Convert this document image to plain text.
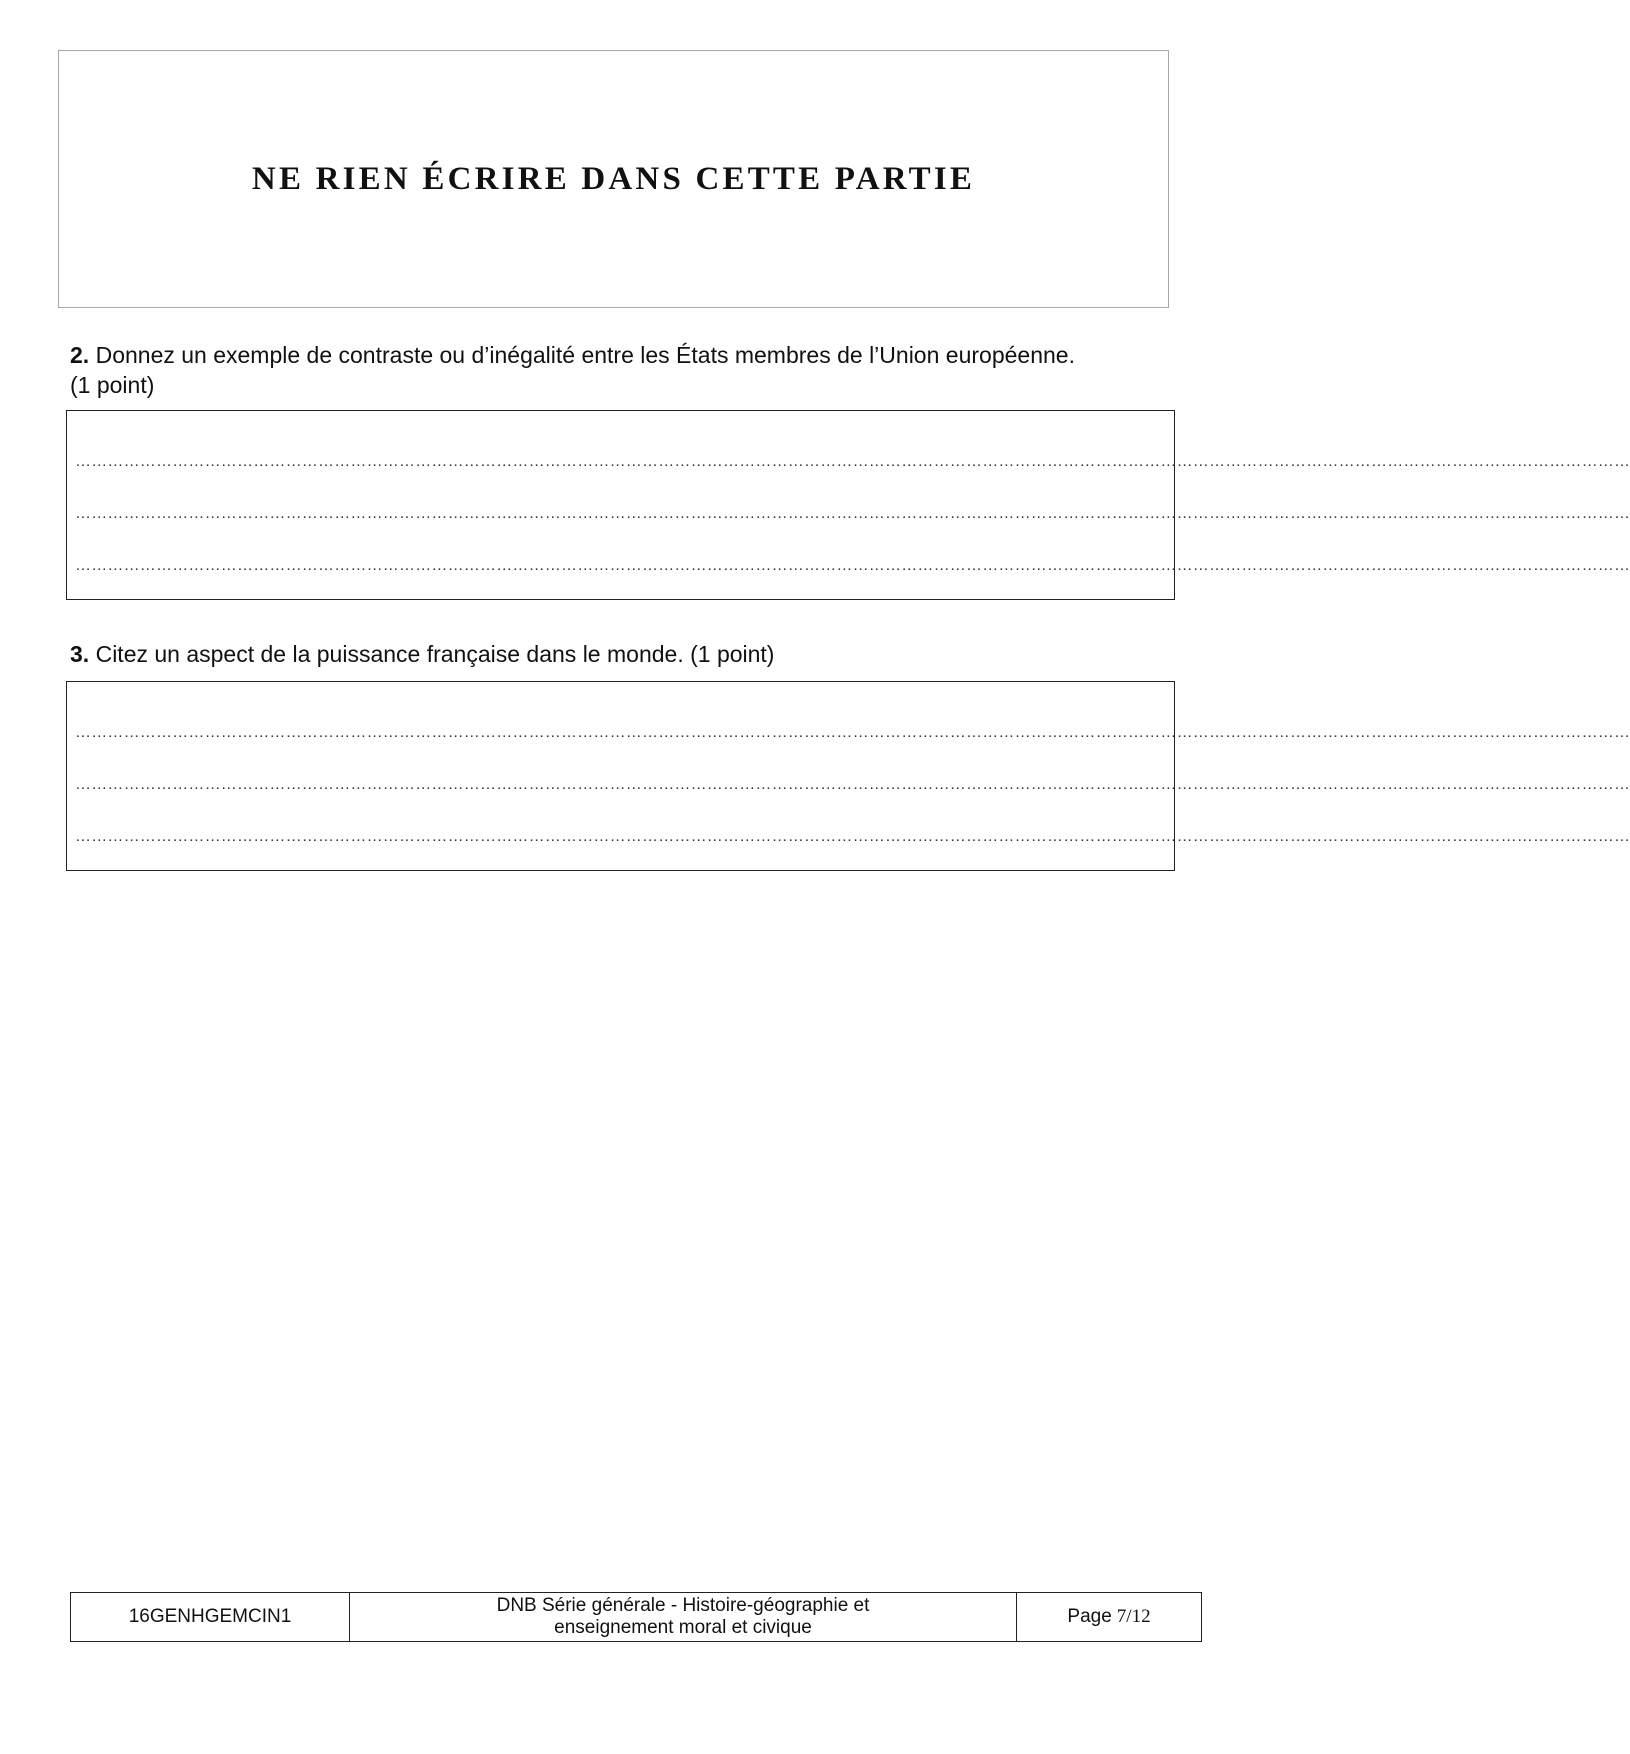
NE RIEN ÉCRIRE DANS CETTE PARTIE
2. Donnez un exemple de contraste ou d’inégalité entre les États membres de l’Union européenne.
(1 point)
………………………………………………………………………………………………………………………………………………………………………………………………………………………………………………………………
………………………………………………………………………………………………………………………………………………………………………………………………………………………………………………………………
………………………………………………………………………………………………………………………………………………………………………………………………………………………………………………………………
3. Citez un aspect de la puissance française dans le monde. (1 point)
………………………………………………………………………………………………………………………………………………………………………………………………………………………………………………………………
………………………………………………………………………………………………………………………………………………………………………………………………………………………………………………………………
………………………………………………………………………………………………………………………………………………………………………………………………………………………………………………………………
16GENHGEMCIN1
DNB Série générale - Histoire-géographie et
enseignement moral et civique
Page 7/12
